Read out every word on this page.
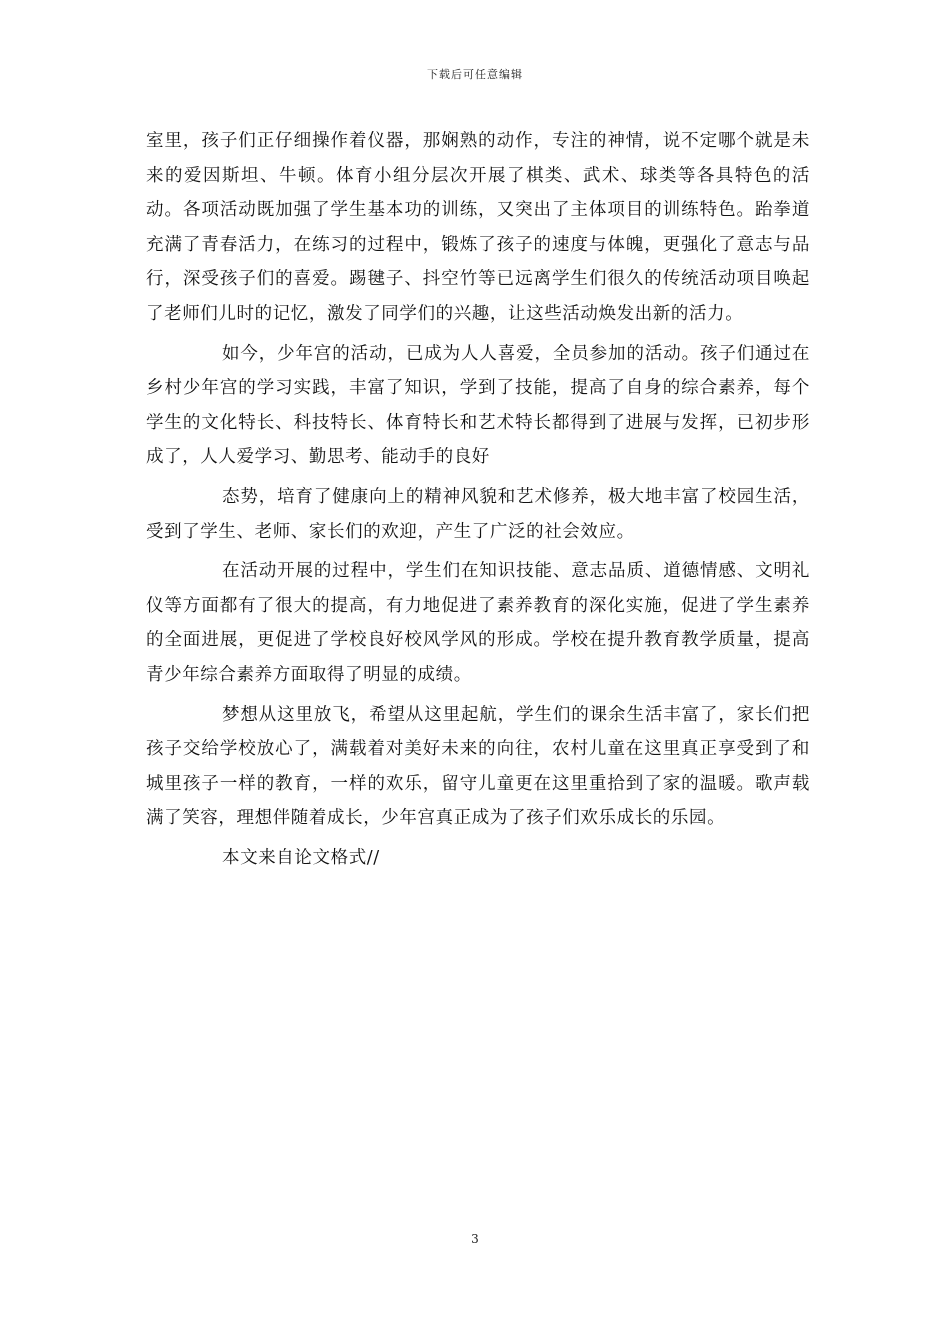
下载后可任意编辑

室里，孩子们正仔细操作着仪器，那娴熟的动作，专注的神情，说不定哪个就是未来的爱因斯坦、牛顿。体育小组分层次开展了棋类、武术、球类等各具特色的活动。各项活动既加强了学生基本功的训练，又突出了主体项目的训练特色。跆拳道充满了青春活力，在练习的过程中，锻炼了孩子的速度与体魄，更强化了意志与品行，深受孩子们的喜爱。踢毽子、抖空竹等已远离学生们很久的传统活动项目唤起了老师们儿时的记忆，激发了同学们的兴趣，让这些活动焕发出新的活力。

如今，少年宫的活动，已成为人人喜爱，全员参加的活动。孩子们通过在乡村少年宫的学习实践，丰富了知识，学到了技能，提高了自身的综合素养，每个学生的文化特长、科技特长、体育特长和艺术特长都得到了进展与发挥，已初步形成了，人人爱学习、勤思考、能动手的良好

态势，培育了健康向上的精神风貌和艺术修养，极大地丰富了校园生活，受到了学生、老师、家长们的欢迎，产生了广泛的社会效应。

在活动开展的过程中，学生们在知识技能、意志品质、道德情感、文明礼仪等方面都有了很大的提高，有力地促进了素养教育的深化实施，促进了学生素养的全面进展，更促进了学校良好校风学风的形成。学校在提升教育教学质量，提高青少年综合素养方面取得了明显的成绩。

梦想从这里放飞，希望从这里起航，学生们的课余生活丰富了，家长们把孩子交给学校放心了，满载着对美好未来的向往，农村儿童在这里真正享受到了和城里孩子一样的教育，一样的欢乐，留守儿童更在这里重拾到了家的温暖。歌声载满了笑容，理想伴随着成长，少年宫真正成为了孩子们欢乐成长的乐园。

本文来自论文格式//

3
